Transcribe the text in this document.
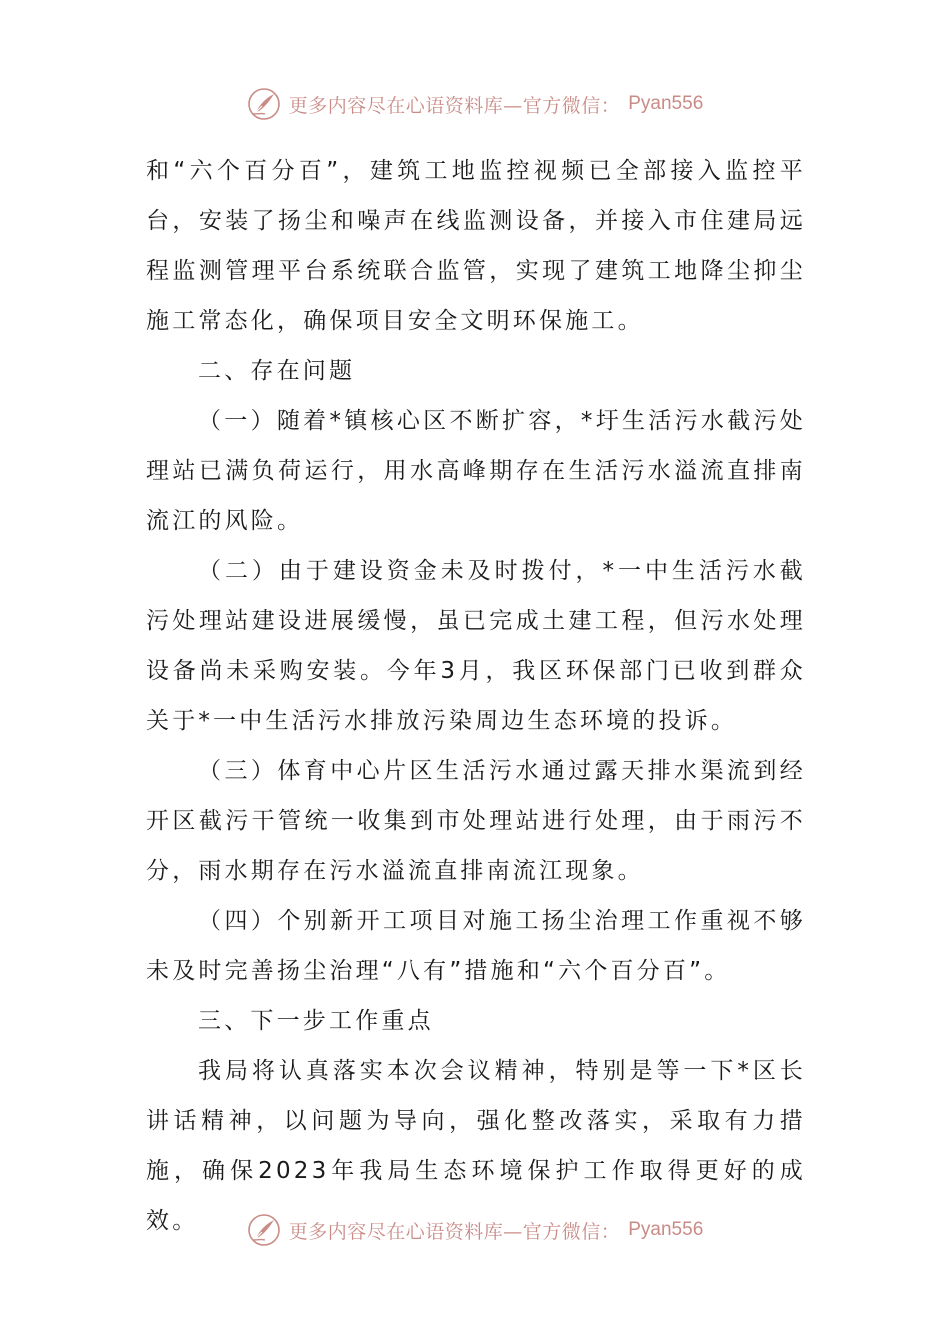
更多内容尽在心语资料库—官方微信： Pyan556

和“六个百分百”，建筑工地监控视频已全部接入监控平台，安装了扬尘和噪声在线监测设备，并接入市住建局远程监测管理平台系统联合监管，实现了建筑工地降尘抑尘施工常态化，确保项目安全文明环保施工。

二、存在问题

（一）随着*镇核心区不断扩容，*圩生活污水截污处理站已满负荷运行，用水高峰期存在生活污水溢流直排南流江的风险。

（二）由于建设资金未及时拨付，*一中生活污水截污处理站建设进展缓慢，虽已完成土建工程，但污水处理设备尚未采购安装。今年3月，我区环保部门已收到群众关于*一中生活污水排放污染周边生态环境的投诉。

（三）体育中心片区生活污水通过露天排水渠流到经开区截污干管统一收集到市处理站进行处理，由于雨污不分，雨水期存在污水溢流直排南流江现象。

（四）个别新开工项目对施工扬尘治理工作重视不够未及时完善扬尘治理“八有”措施和“六个百分百”。

三、下一步工作重点

我局将认真落实本次会议精神，特别是等一下*区长讲话精神，以问题为导向，强化整改落实，采取有力措施，确保2023年我局生态环境保护工作取得更好的成效。	更多内容尽在心语资料库—官方微信： Pyan556
